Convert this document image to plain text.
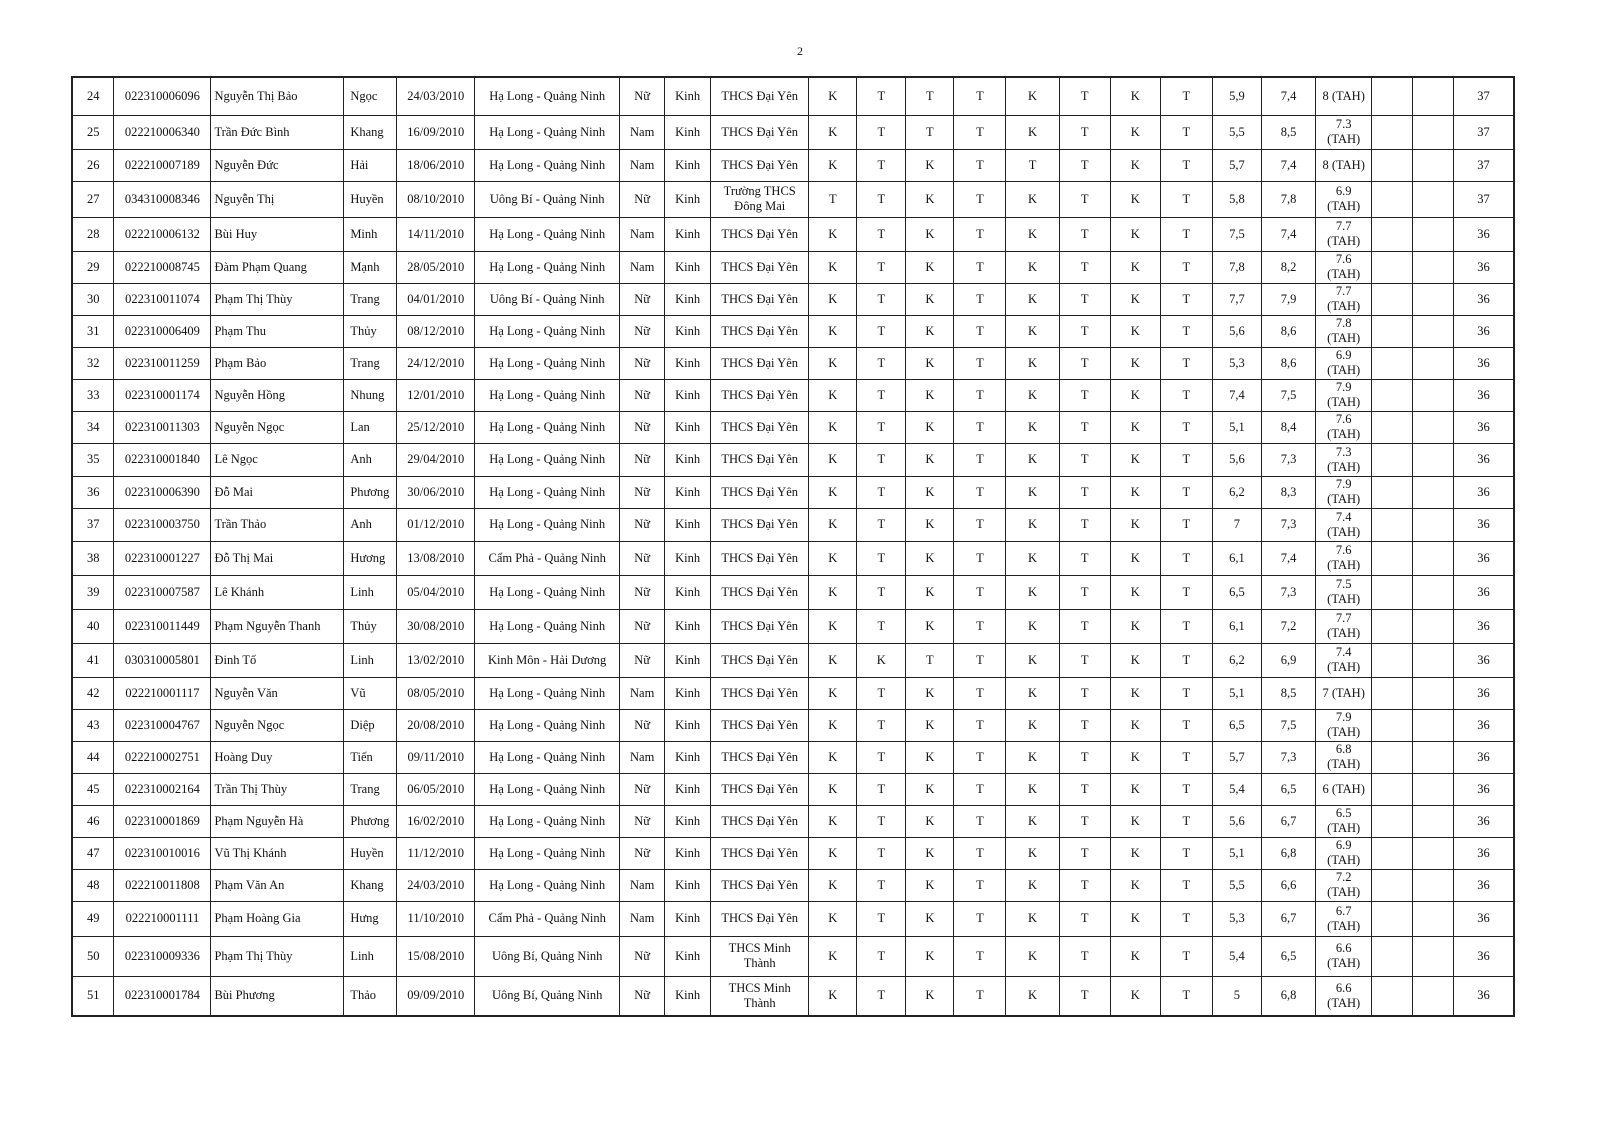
2
24	022310006096	Nguyễn Thị Bảo	Ngọc	24/03/2010	Hạ Long - Quảng Ninh	Nữ	Kinh	THCS Đại Yên	K	T	T	T	K	T	K	T	5,9	7,4	8 (TAH)			37
25	022210006340	Trần Đức Bình	Khang	16/09/2010	Hạ Long - Quảng Ninh	Nam	Kinh	THCS Đại Yên	K	T	T	T	K	T	K	T	5,5	8,5	7.3 (TAH)			37
26	022210007189	Nguyễn Đức	Hải	18/06/2010	Hạ Long - Quảng Ninh	Nam	Kinh	THCS Đại Yên	K	T	K	T	T	T	K	T	5,7	7,4	8 (TAH)			37
27	034310008346	Nguyễn Thị	Huyền	08/10/2010	Uông Bí - Quảng Ninh	Nữ	Kinh	Trường THCS Đông Mai	T	T	K	T	K	T	K	T	5,8	7,8	6.9 (TAH)			37
28	022210006132	Bùi Huy	Minh	14/11/2010	Hạ Long - Quảng Ninh	Nam	Kinh	THCS Đại Yên	K	T	K	T	K	T	K	T	7,5	7,4	7.7 (TAH)			36
29	022210008745	Đàm Phạm Quang	Mạnh	28/05/2010	Hạ Long - Quảng Ninh	Nam	Kinh	THCS Đại Yên	K	T	K	T	K	T	K	T	7,8	8,2	7.6 (TAH)			36
30	022310011074	Phạm Thị Thùy	Trang	04/01/2010	Uông Bí - Quảng Ninh	Nữ	Kinh	THCS Đại Yên	K	T	K	T	K	T	K	T	7,7	7,9	7.7 (TAH)			36
31	022310006409	Phạm Thu	Thủy	08/12/2010	Hạ Long - Quảng Ninh	Nữ	Kinh	THCS Đại Yên	K	T	K	T	K	T	K	T	5,6	8,6	7.8 (TAH)			36
32	022310011259	Phạm Bảo	Trang	24/12/2010	Hạ Long - Quảng Ninh	Nữ	Kinh	THCS Đại Yên	K	T	K	T	K	T	K	T	5,3	8,6	6.9 (TAH)			36
33	022310001174	Nguyễn Hồng	Nhung	12/01/2010	Hạ Long - Quảng Ninh	Nữ	Kinh	THCS Đại Yên	K	T	K	T	K	T	K	T	7,4	7,5	7.9 (TAH)			36
34	022310011303	Nguyễn Ngọc	Lan	25/12/2010	Hạ Long - Quảng Ninh	Nữ	Kinh	THCS Đại Yên	K	T	K	T	K	T	K	T	5,1	8,4	7.6 (TAH)			36
35	022310001840	Lê Ngọc	Anh	29/04/2010	Hạ Long - Quảng Ninh	Nữ	Kinh	THCS Đại Yên	K	T	K	T	K	T	K	T	5,6	7,3	7.3 (TAH)			36
36	022310006390	Đỗ Mai	Phương	30/06/2010	Hạ Long - Quảng Ninh	Nữ	Kinh	THCS Đại Yên	K	T	K	T	K	T	K	T	6,2	8,3	7.9 (TAH)			36
37	022310003750	Trần Thảo	Anh	01/12/2010	Hạ Long - Quảng Ninh	Nữ	Kinh	THCS Đại Yên	K	T	K	T	K	T	K	T	7	7,3	7.4 (TAH)			36
38	022310001227	Đỗ Thị Mai	Hương	13/08/2010	Cẩm Phả - Quảng Ninh	Nữ	Kinh	THCS Đại Yên	K	T	K	T	K	T	K	T	6,1	7,4	7.6 (TAH)			36
39	022310007587	Lê Khánh	Linh	05/04/2010	Hạ Long - Quảng Ninh	Nữ	Kinh	THCS Đại Yên	K	T	K	T	K	T	K	T	6,5	7,3	7.5 (TAH)			36
40	022310011449	Phạm Nguyễn Thanh	Thủy	30/08/2010	Hạ Long - Quảng Ninh	Nữ	Kinh	THCS Đại Yên	K	T	K	T	K	T	K	T	6,1	7,2	7.7 (TAH)			36
41	030310005801	Đinh Tố	Linh	13/02/2010	Kinh Môn - Hải Dương	Nữ	Kinh	THCS Đại Yên	K	K	T	T	K	T	K	T	6,2	6,9	7.4 (TAH)			36
42	022210001117	Nguyễn Văn	Vũ	08/05/2010	Hạ Long - Quảng Ninh	Nam	Kinh	THCS Đại Yên	K	T	K	T	K	T	K	T	5,1	8,5	7 (TAH)			36
43	022310004767	Nguyễn Ngọc	Diệp	20/08/2010	Hạ Long - Quảng Ninh	Nữ	Kinh	THCS Đại Yên	K	T	K	T	K	T	K	T	6,5	7,5	7.9 (TAH)			36
44	022210002751	Hoàng Duy	Tiến	09/11/2010	Hạ Long - Quảng Ninh	Nam	Kinh	THCS Đại Yên	K	T	K	T	K	T	K	T	5,7	7,3	6.8 (TAH)			36
45	022310002164	Trần Thị Thùy	Trang	06/05/2010	Hạ Long - Quảng Ninh	Nữ	Kinh	THCS Đại Yên	K	T	K	T	K	T	K	T	5,4	6,5	6 (TAH)			36
46	022310001869	Phạm Nguyễn Hà	Phương	16/02/2010	Hạ Long - Quảng Ninh	Nữ	Kinh	THCS Đại Yên	K	T	K	T	K	T	K	T	5,6	6,7	6.5 (TAH)			36
47	022310010016	Vũ Thị Khánh	Huyền	11/12/2010	Hạ Long - Quảng Ninh	Nữ	Kinh	THCS Đại Yên	K	T	K	T	K	T	K	T	5,1	6,8	6.9 (TAH)			36
48	022210011808	Phạm Văn An	Khang	24/03/2010	Hạ Long - Quảng Ninh	Nam	Kinh	THCS Đại Yên	K	T	K	T	K	T	K	T	5,5	6,6	7.2 (TAH)			36
49	022210001111	Phạm Hoàng Gia	Hưng	11/10/2010	Cẩm Phả - Quảng Ninh	Nam	Kinh	THCS Đại Yên	K	T	K	T	K	T	K	T	5,3	6,7	6.7 (TAH)			36
50	022310009336	Phạm Thị Thùy	Linh	15/08/2010	Uông Bí, Quảng Ninh	Nữ	Kinh	THCS Minh Thành	K	T	K	T	K	T	K	T	5,4	6,5	6.6 (TAH)			36
51	022310001784	Bùi Phương	Thảo	09/09/2010	Uông Bí, Quảng Ninh	Nữ	Kinh	THCS Minh Thành	K	T	K	T	K	T	K	T	5	6,8	6.6 (TAH)			36
